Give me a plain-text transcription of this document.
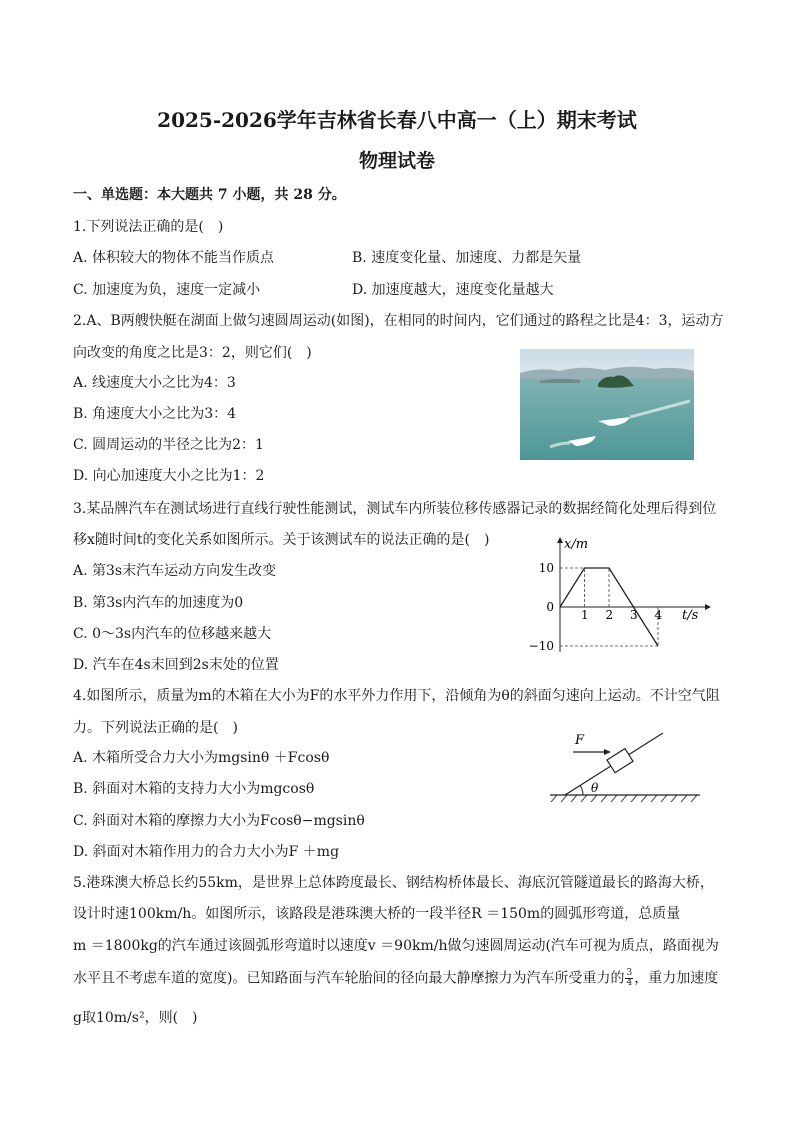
2025-2026学年吉林省长春八中高一（上）期末考试
物理试卷
一、单选题：本大题共 7 小题，共 28 分。
1.下列说法正确的是(　)
A. 体积较大的物体不能当作质点	B. 速度变化量、加速度、力都是矢量
C. 加速度为负，速度一定减小	D. 加速度越大，速度变化量越大
2.A、B两艘快艇在湖面上做匀速圆周运动(如图)，在相同的时间内，它们通过的路程之比是4：3，运动方
向改变的角度之比是3：2，则它们(　)
A. 线速度大小之比为4：3
B. 角速度大小之比为3：4
C. 圆周运动的半径之比为2：1
D. 向心加速度大小之比为1：2
3.某品牌汽车在测试场进行直线行驶性能测试，测试车内所装位移传感器记录的数据经简化处理后得到位
移x随时间t的变化关系如图所示。关于该测试车的说法正确的是(　)
A. 第3s末汽车运动方向发生改变
B. 第3s内汽车的加速度为0
C. 0～3s内汽车的位移越来越大
D. 汽车在4s末回到2s末处的位置
x/m
t/s
1 2 3 4
10
0
−10
4.如图所示，质量为m的木箱在大小为F的水平外力作用下，沿倾角为θ的斜面匀速向上运动。不计空气阻
力。下列说法正确的是(　)
A. 木箱所受合力大小为mgsinθ ＋Fcosθ
B. 斜面对木箱的支持力大小为mgcosθ
C. 斜面对木箱的摩擦力大小为Fcosθ−mgsinθ
D. 斜面对木箱作用力的合力大小为F ＋mg
θ
F
5.港珠澳大桥总长约55km，是世界上总体跨度最长、钢结构桥体最长、海底沉管隧道最长的路海大桥，
设计时速100km/h。如图所示，该路段是港珠澳大桥的一段半径R ＝150m的圆弧形弯道，总质量
m ＝1800kg的汽车通过该圆弧形弯道时以速度v ＝90km/h做匀速圆周运动(汽车可视为质点，路面视为
水平且不考虑车道的宽度)。已知路面与汽车轮胎间的径向最大静摩擦力为汽车所受重力的 $\frac{3}{4}$ ，重力加速度
g取10m/s²，则(　)
